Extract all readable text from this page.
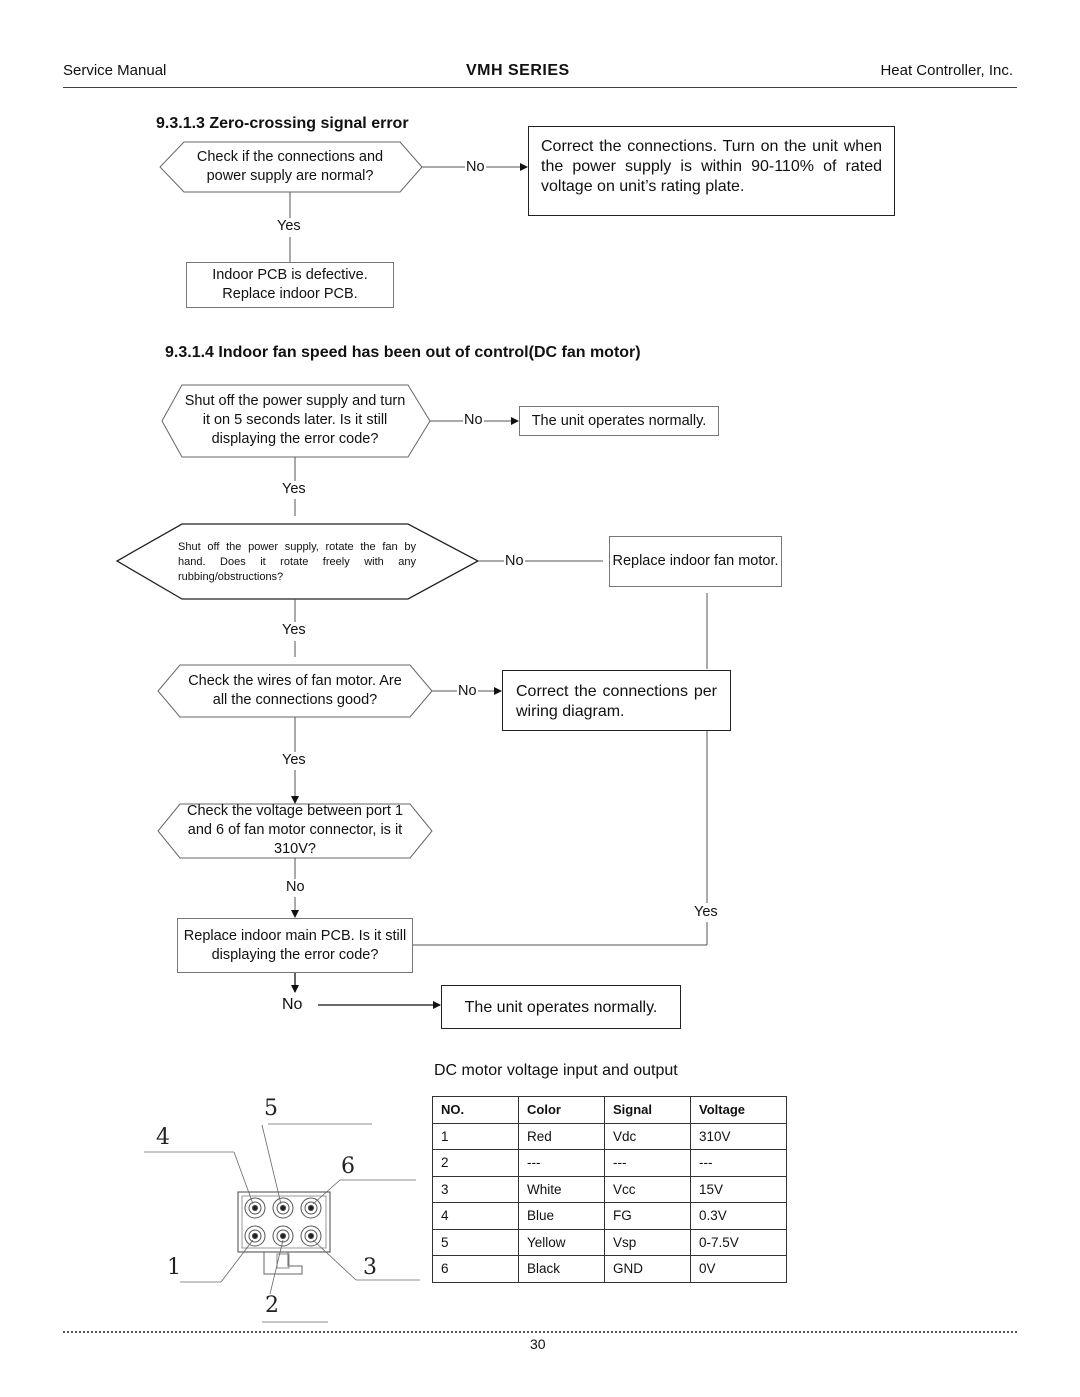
Service Manual	VMH SERIES	Heat Controller, Inc.
9.3.1.3 Zero-crossing signal error
Check if the connections and power supply are normal?
No
Correct the connections. Turn on the unit when the power supply is within 90-110% of rated voltage on unit’s rating plate.
Yes
Indoor PCB is defective. Replace indoor PCB.
9.3.1.4 Indoor fan speed has been out of control(DC fan motor)
Shut off the power supply and turn it on 5 seconds later. Is it still displaying the error code?
No	The unit operates normally.
Yes
Shut off the power supply, rotate the fan by hand. Does it rotate freely with any rubbing/obstructions?
No	Replace indoor fan motor.
Yes
Check the wires of fan motor. Are all the connections good?
No	Correct the connections per wiring diagram.
Yes
Check the voltage between port 1 and 6 of fan motor connector, is it 310V?
No
Yes
Replace indoor main PCB. Is it still displaying the error code?
No	The unit operates normally.
5
4
6
1	3
2
DC motor voltage input and output
NO.	Color	Signal	Voltage
1	Red	Vdc	310V
2	---	---	---
3	White	Vcc	15V
4	Blue	FG	0.3V
5	Yellow	Vsp	0-7.5V
6	Black	GND	0V
30
